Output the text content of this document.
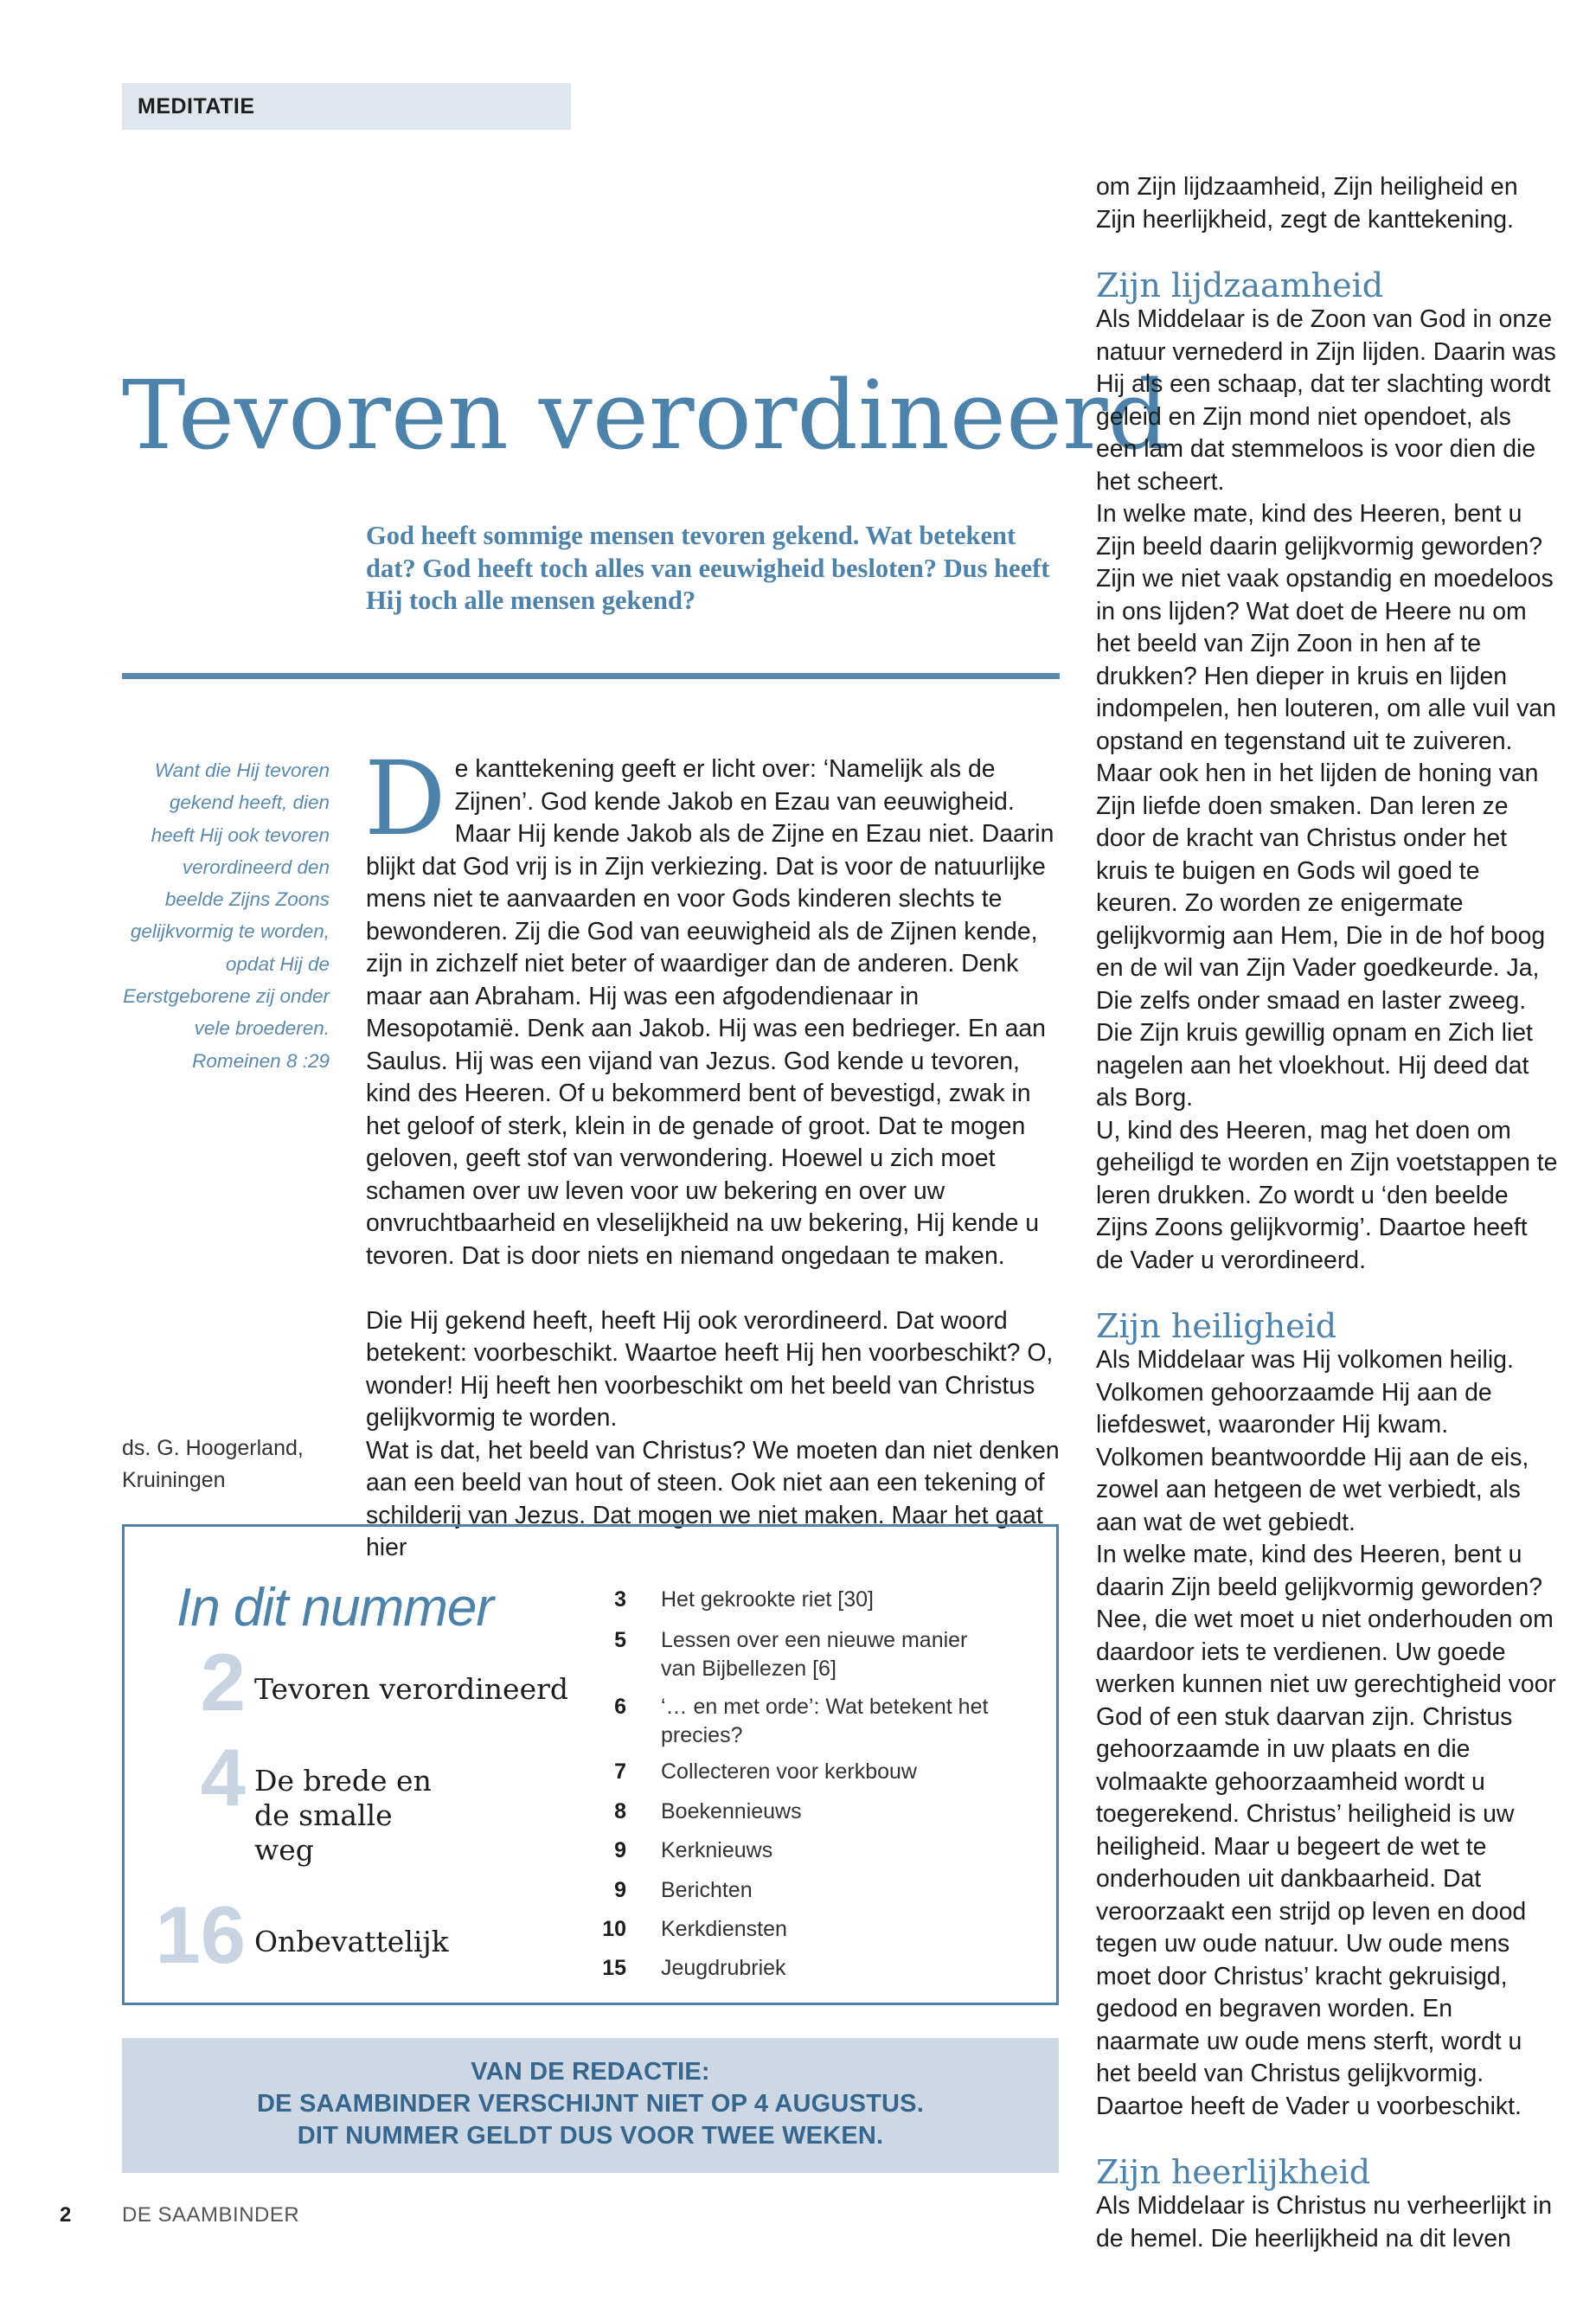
MEDITATIE
Tevoren verordineerd
God heeft sommige mensen tevoren gekend. Wat betekent dat? God heeft toch alles van eeuwigheid besloten? Dus heeft Hij toch alle mensen gekend?
Want die Hij tevoren gekend heeft, dien heeft Hij ook tevoren verordineerd den beelde Zijns Zoons gelijkvormig te worden, opdat Hij de Eerstgeborene zij onder vele broederen.
Romeinen 8 :29
ds. G. Hoogerland,
Kruiningen

De kanttekening geeft er licht over: ‘Namelijk als de Zijnen’. God kende Jakob en Ezau van eeuwigheid. Maar Hij kende Jakob als de Zijne en Ezau niet. Daarin blijkt dat God vrij is in Zijn verkiezing. Dat is voor de natuurlijke mens niet te aanvaarden en voor Gods kinderen slechts te bewonderen. Zij die God van eeuwigheid als de Zijnen kende, zijn in zichzelf niet beter of waardiger dan de anderen. Denk maar aan Abraham. Hij was een afgodendienaar in Mesopotamië. Denk aan Jakob. Hij was een bedrieger. En aan Saulus. Hij was een vijand van Jezus. God kende u tevoren, kind des Heeren. Of u bekommerd bent of bevestigd, zwak in het geloof of sterk, klein in de genade of groot. Dat te mogen geloven, geeft stof van verwondering. Hoewel u zich moet schamen over uw leven voor uw bekering en over uw onvruchtbaarheid en vleselijkheid na uw bekering, Hij kende u tevoren. Dat is door niets en niemand ongedaan te maken.

Die Hij gekend heeft, heeft Hij ook verordineerd. Dat woord betekent: voorbeschikt. Waartoe heeft Hij hen voorbeschikt? O, wonder! Hij heeft hen voorbeschikt om het beeld van Christus gelijkvormig te worden.

Wat is dat, het beeld van Christus? We moeten dan niet denken aan een beeld van hout of steen. Ook niet aan een tekening of schilderij van Jezus. Dat mogen we niet maken. Maar het gaat hier

om Zijn lijdzaamheid, Zijn heiligheid en Zijn heerlijkheid, zegt de kanttekening.

Zijn lijdzaamheid

Als Middelaar is de Zoon van God in onze natuur vernederd in Zijn lijden. Daarin was Hij als een schaap, dat ter slachting wordt geleid en Zijn mond niet opendoet, als een lam dat stemmeloos is voor dien die het scheert.

In welke mate, kind des Heeren, bent u Zijn beeld daarin gelijkvormig geworden? Zijn we niet vaak opstandig en moedeloos in ons lijden? Wat doet de Heere nu om het beeld van Zijn Zoon in hen af te drukken? Hen dieper in kruis en lijden indompelen, hen louteren, om alle vuil van opstand en tegenstand uit te zuiveren. Maar ook hen in het lijden de honing van Zijn liefde doen smaken. Dan leren ze door de kracht van Christus onder het kruis te buigen en Gods wil goed te keuren. Zo worden ze enigermate gelijkvormig aan Hem, Die in de hof boog en de wil van Zijn Vader goedkeurde. Ja, Die zelfs onder smaad en laster zweeg. Die Zijn kruis gewillig opnam en Zich liet nagelen aan het vloekhout. Hij deed dat als Borg.

U, kind des Heeren, mag het doen om geheiligd te worden en Zijn voetstappen te leren drukken. Zo wordt u ‘den beelde Zijns Zoons gelijkvormig’. Daartoe heeft de Vader u verordineerd.

Zijn heiligheid

Als Middelaar was Hij volkomen heilig. Volkomen gehoorzaamde Hij aan de liefdeswet, waaronder Hij kwam. Volkomen beantwoordde Hij aan de eis, zowel aan hetgeen de wet verbiedt, als aan wat de wet gebiedt.

In welke mate, kind des Heeren, bent u daarin Zijn beeld gelijkvormig geworden? Nee, die wet moet u niet onderhouden om daardoor iets te verdienen. Uw goede werken kunnen niet uw gerechtigheid voor God of een stuk daarvan zijn. Christus gehoorzaamde in uw plaats en die volmaakte gehoorzaamheid wordt u toegerekend. Christus’ heiligheid is uw heiligheid. Maar u begeert de wet te onderhouden uit dankbaarheid. Dat veroorzaakt een strijd op leven en dood tegen uw oude natuur. Uw oude mens moet door Christus’ kracht gekruisigd, gedood en begraven worden. En naarmate uw oude mens sterft, wordt u het beeld van Christus gelijkvormig. Daartoe heeft de Vader u voorbeschikt.

Zijn heerlijkheid

Als Middelaar is Christus nu verheerlijkt in de hemel. Die heerlijkheid na dit leven

In dit nummer
2 Tevoren verordineerd
4 De brede en de smalle weg
16 Onbevattelijk
3 Het gekrookte riet [30]
5 Lessen over een nieuwe manier van Bijbellezen [6]
6 ‘… en met orde’: Wat betekent het precies?
7 Collecteren voor kerkbouw
8 Boekennieuws
9 Kerknieuws
9 Berichten
10 Kerkdiensten
15 Jeugdrubriek
VAN DE REDACTIE:
DE SAAMBINDER VERSCHIJNT NIET OP 4 AUGUSTUS.
DIT NUMMER GELDT DUS VOOR TWEE WEKEN.
2 DE SAAMBINDER
